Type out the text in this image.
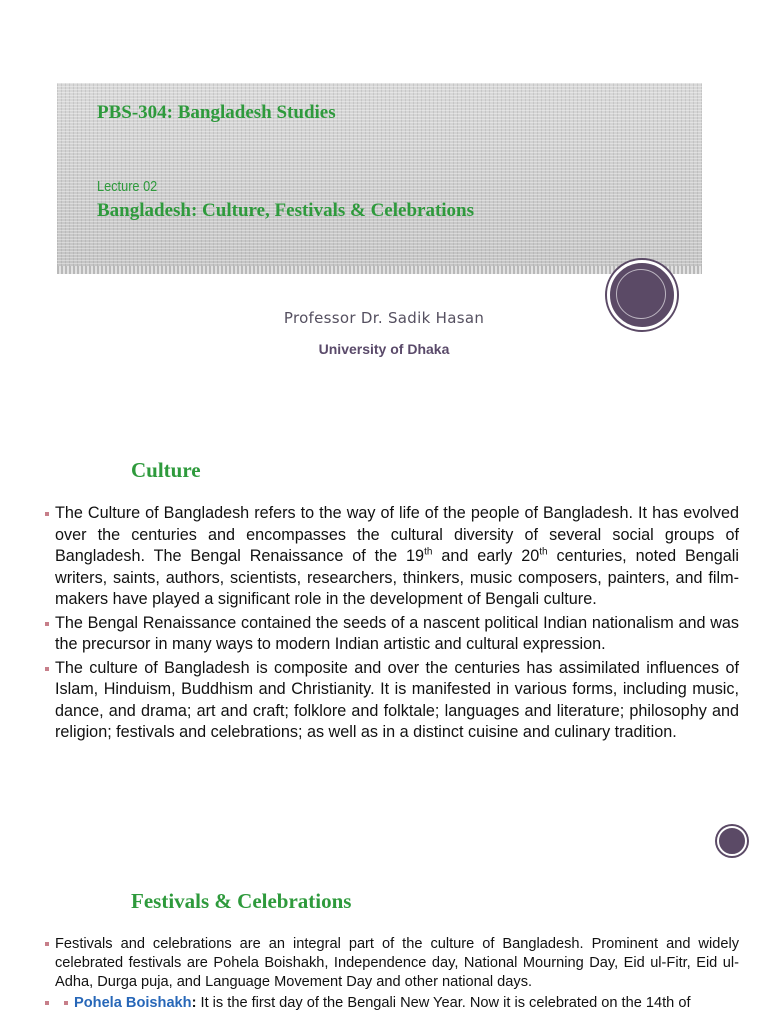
PBS-304: Bangladesh Studies

Lecture 02

Bangladesh: Culture, Festivals & Celebrations

Professor Dr. Sadik Hasan

University of Dhaka

Culture
The Culture of Bangladesh refers to the way of life of the people of Bangladesh. It has evolved over the centuries and encompasses the cultural diversity of several social groups of Bangladesh. The Bengal Renaissance of the 19th and early 20th centuries, noted Bengali writers, saints, authors, scientists, researchers, thinkers, music composers, painters, and film-makers have played a significant role in the development of Bengali culture.
The Bengal Renaissance contained the seeds of a nascent political Indian nationalism and was the precursor in many ways to modern Indian artistic and cultural expression.
The culture of Bangladesh is composite and over the centuries has assimilated influences of Islam, Hinduism, Buddhism and Christianity. It is manifested in various forms, including music, dance, and drama; art and craft; folklore and folktale; languages and literature; philosophy and religion; festivals and celebrations; as well as in a distinct cuisine and culinary tradition.
Festivals & Celebrations
Festivals and celebrations are an integral part of the culture of Bangladesh. Prominent and widely celebrated festivals are Pohela Boishakh, Independence day, National Mourning Day, Eid ul-Fitr, Eid ul-Adha, Durga puja, and Language Movement Day and other national days.
Pohela Boishakh: It is the first day of the Bengali New Year. Now it is celebrated on the 14th of
